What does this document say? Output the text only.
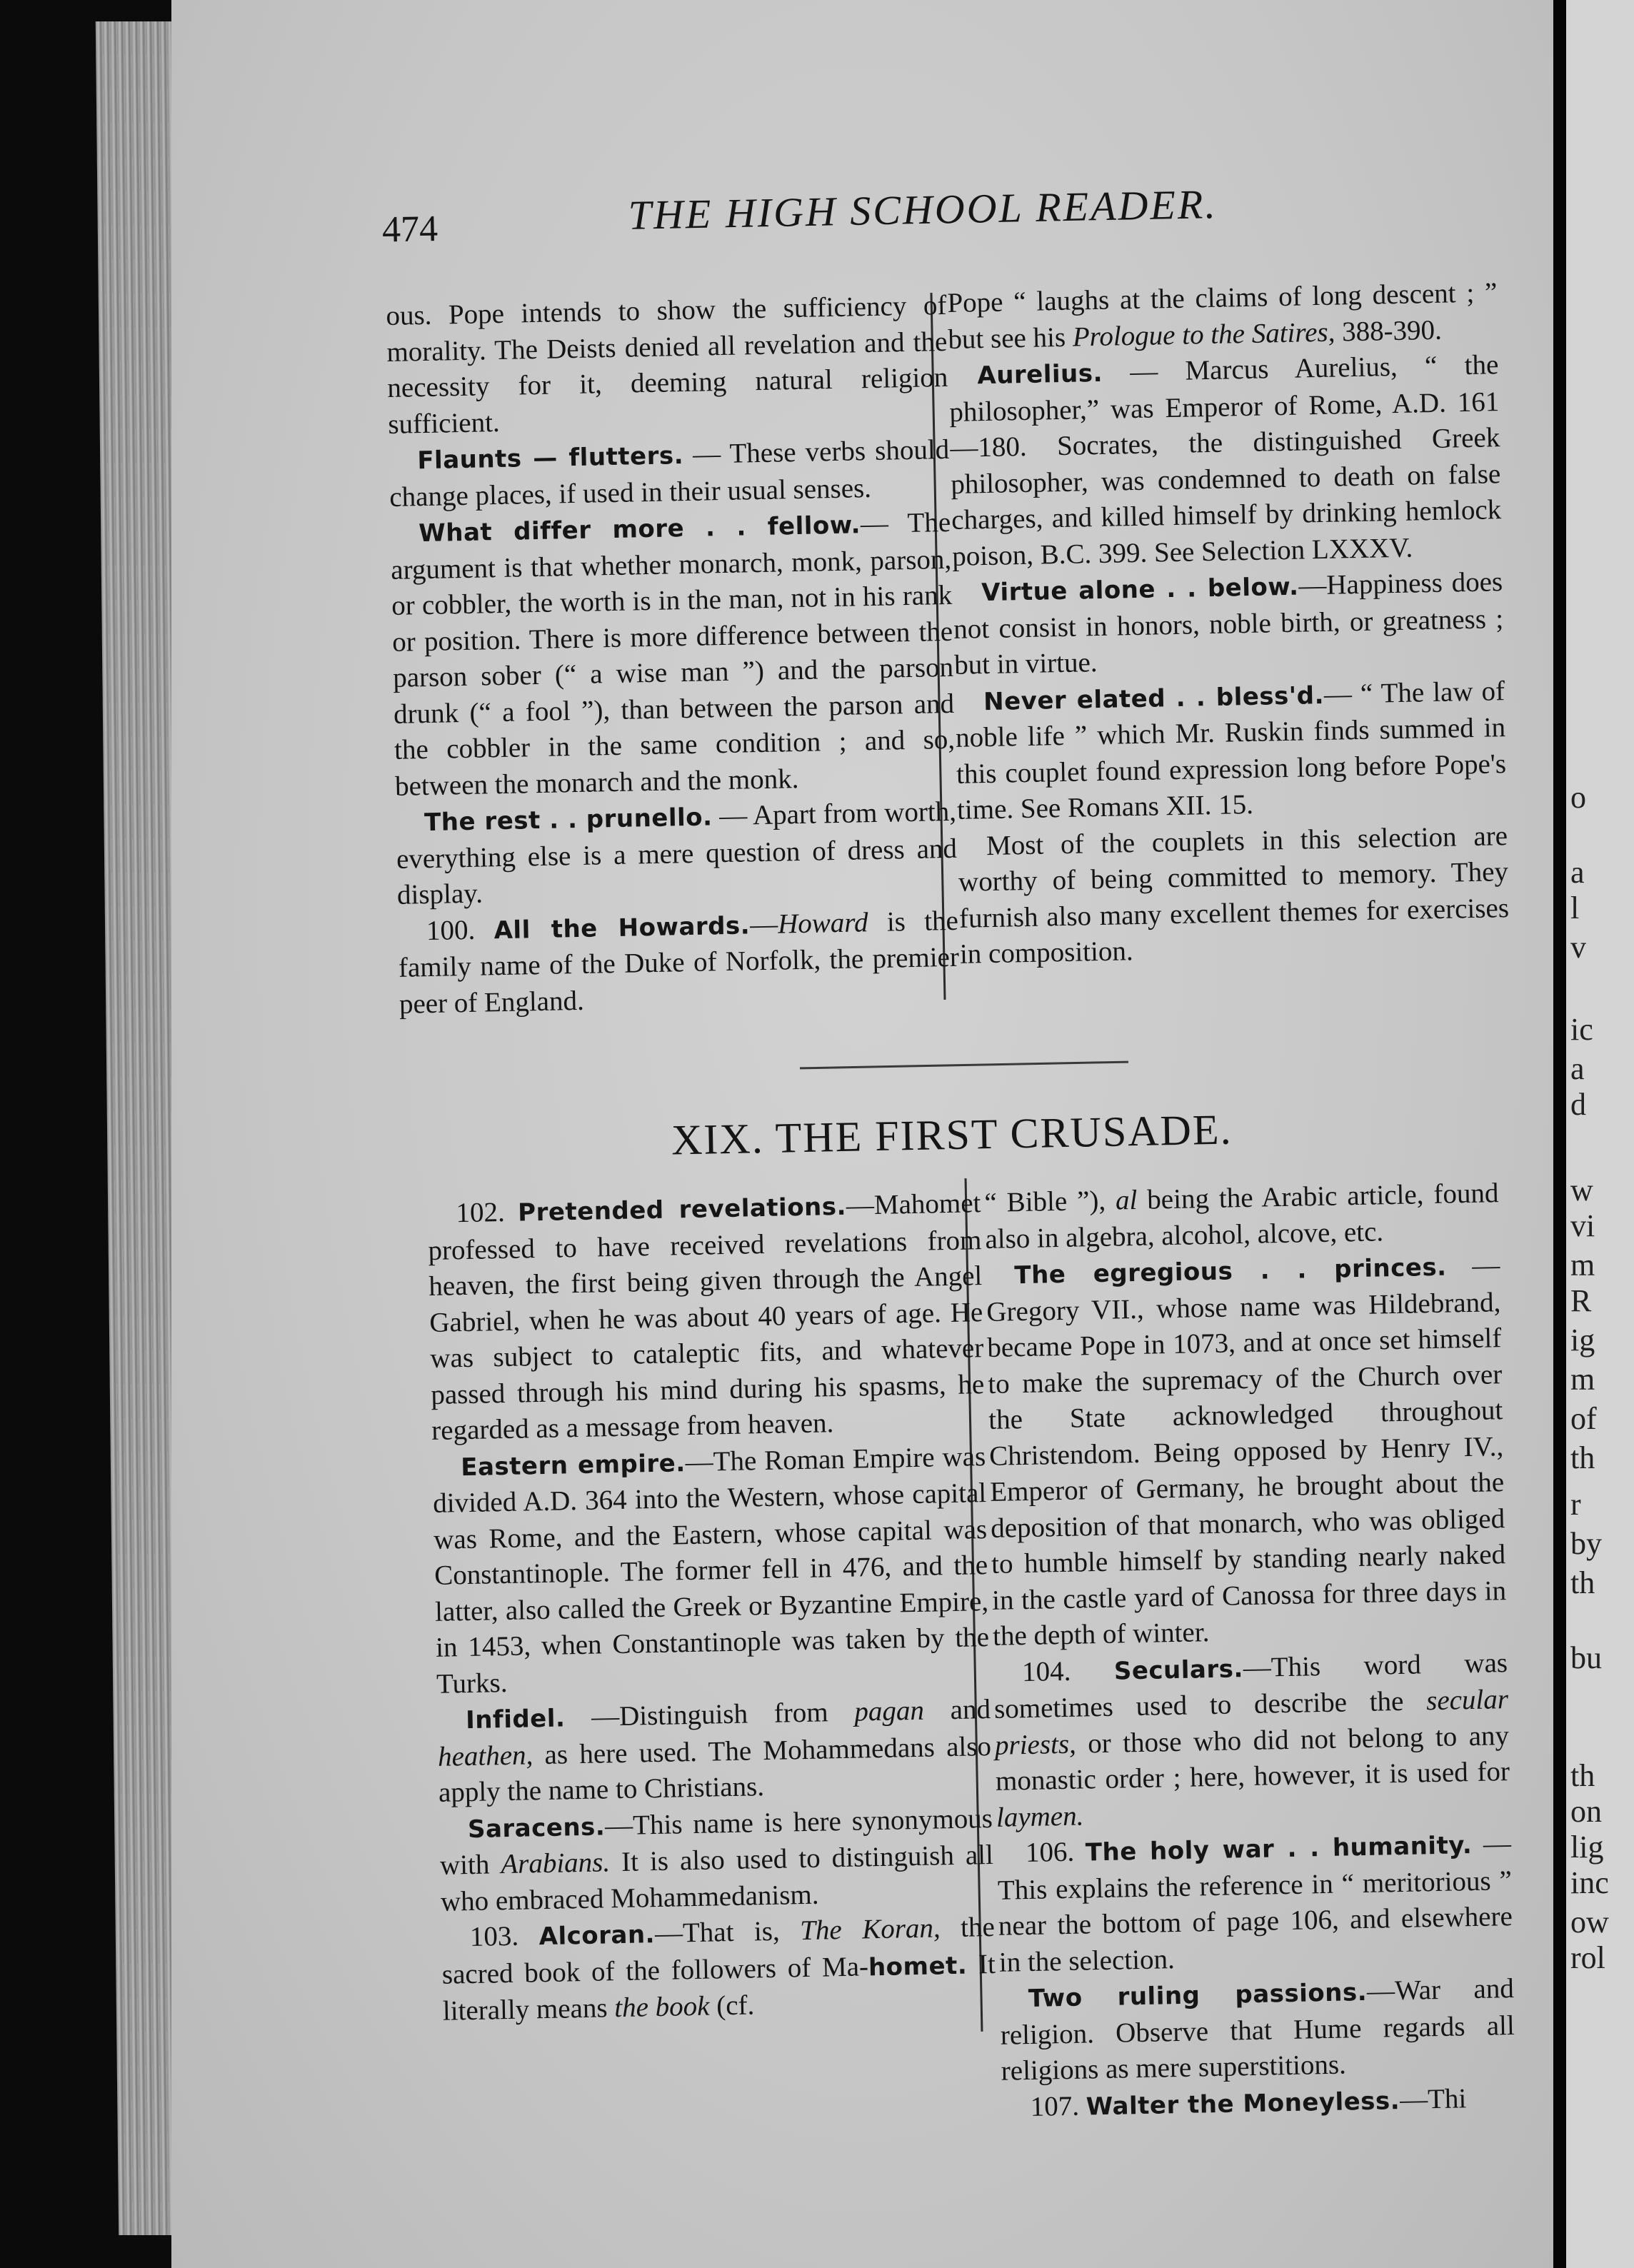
o
a
l
v
ic
a
d
w
vi
m
R
ig
m
of
th
r
by
th
bu
th
on
lig
inc
ow
rol
474	THE HIGH SCHOOL READER.

ous. Pope intends to show the sufficiency of morality. The Deists denied all revelation and the necessity for it, deeming natural religion sufficient.

Flaunts — flutters. — These verbs should change places, if used in their usual senses.

What differ more . . fellow.— The argument is that whether monarch, monk, parson, or cobbler, the worth is in the man, not in his rank or position. There is more difference between the parson sober (“ a wise man ”) and the parson drunk (“ a fool ”), than between the parson and the cobbler in the same condition ; and so, between the monarch and the monk.

The rest . . prunello. — Apart from worth, everything else is a mere question of dress and display.

100. All the Howards.—Howard is the family name of the Duke of Norfolk, the premier peer of England.

Pope “ laughs at the claims of long descent ; ” but see his Prologue to the Satires, 388-390.

Aurelius. — Marcus Aurelius, “ the philosopher,” was Emperor of Rome, A.D. 161—180. Socrates, the distinguished Greek philosopher, was condemned to death on false charges, and killed himself by drinking hemlock poison, B.C. 399. See Selection LXXXV.

Virtue alone . . below.—Happiness does not consist in honors, noble birth, or greatness ; but in virtue.

Never elated . . bless'd.— “ The law of noble life ” which Mr. Ruskin finds summed in this couplet found expression long before Pope's time. See Romans XII. 15.

Most of the couplets in this selection are worthy of being committed to memory. They furnish also many excellent themes for exercises in composition.

XIX. THE FIRST CRUSADE.

102. Pretended revelations.—Mahomet professed to have received revelations from heaven, the first being given through the Angel Gabriel, when he was about 40 years of age. He was subject to cataleptic fits, and whatever passed through his mind during his spasms, he regarded as a message from heaven.

Eastern empire.—The Roman Empire was divided A.D. 364 into the Western, whose capital was Rome, and the Eastern, whose capital was Constantinople. The former fell in 476, and the latter, also called the Greek or Byzantine Empire, in 1453, when Constantinople was taken by the Turks.

Infidel. —Distinguish from pagan and heathen, as here used. The Mohammedans also apply the name to Christians.

Saracens.—This name is here synonymous with Arabians. It is also used to distinguish all who embraced Mohammedanism.

103. Alcoran.—That is, The Koran, the sacred book of the followers of Ma-homet. It literally means the book (cf.

“ Bible ”), al being the Arabic article, found also in algebra, alcohol, alcove, etc.

The egregious . . princes. — Gregory VII., whose name was Hildebrand, became Pope in 1073, and at once set himself to make the supremacy of the Church over the State acknowledged throughout Christendom. Being opposed by Henry IV., Emperor of Germany, he brought about the deposition of that monarch, who was obliged to humble himself by standing nearly naked in the castle yard of Canossa for three days in the depth of winter.

104. Seculars.—This word was sometimes used to describe the secular priests, or those who did not belong to any monastic order ; here, however, it is used for laymen.

106. The holy war . . humanity. —This explains the reference in “ meritorious ” near the bottom of page 106, and elsewhere in the selection.

Two ruling passions.—War and religion. Observe that Hume regards all religions as mere superstitions.

107. Walter the Moneyless.—Thi
